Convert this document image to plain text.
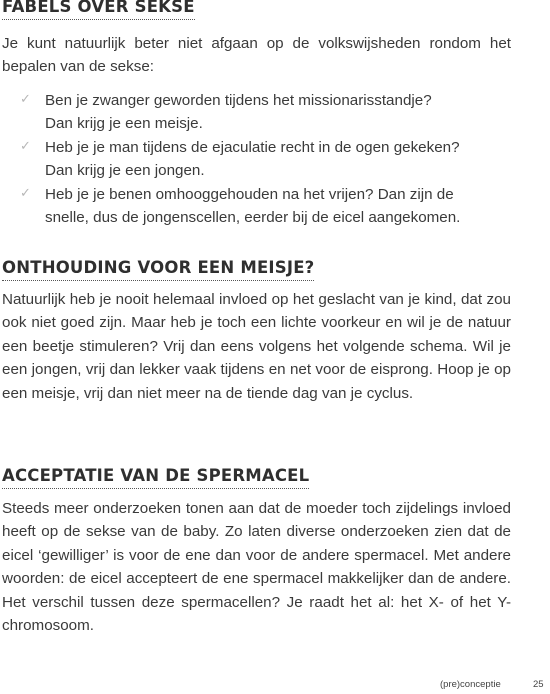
FABELS OVER SEKSE

Je kunt natuurlijk beter niet afgaan op de volkswijsheden rondom het bepalen van de sekse:

✓ Ben je zwanger geworden tijdens het missionarisstandje?
Dan krijg je een meisje.
✓ Heb je je man tijdens de ejaculatie recht in de ogen gekeken?
Dan krijg je een jongen.
✓ Heb je je benen omhooggehouden na het vrijen? Dan zijn de
snelle, dus de jongenscellen, eerder bij de eicel aangekomen.
ONTHOUDING VOOR EEN MEISJE?

Natuurlijk heb je nooit helemaal invloed op het geslacht van je kind, dat zou ook niet goed zijn. Maar heb je toch een lichte voorkeur en wil je de natuur een beetje stimuleren? Vrij dan eens volgens het volgende schema. Wil je een jongen, vrij dan lekker vaak tijdens en net voor de eisprong. Hoop je op een meisje, vrij dan niet meer na de tiende dag van je cyclus.

ACCEPTATIE VAN DE SPERMACEL

Steeds meer onderzoeken tonen aan dat de moeder toch zijdelings invloed heeft op de sekse van de baby. Zo laten diverse onderzoeken zien dat de eicel ‘gewilliger’ is voor de ene dan voor de andere spermacel. Met andere woorden: de eicel accepteert de ene spermacel makkelijker dan de andere. Het verschil tussen deze spermacellen? Je raadt het al: het X- of het Y-chromosoom.

(pre)conceptie	25
